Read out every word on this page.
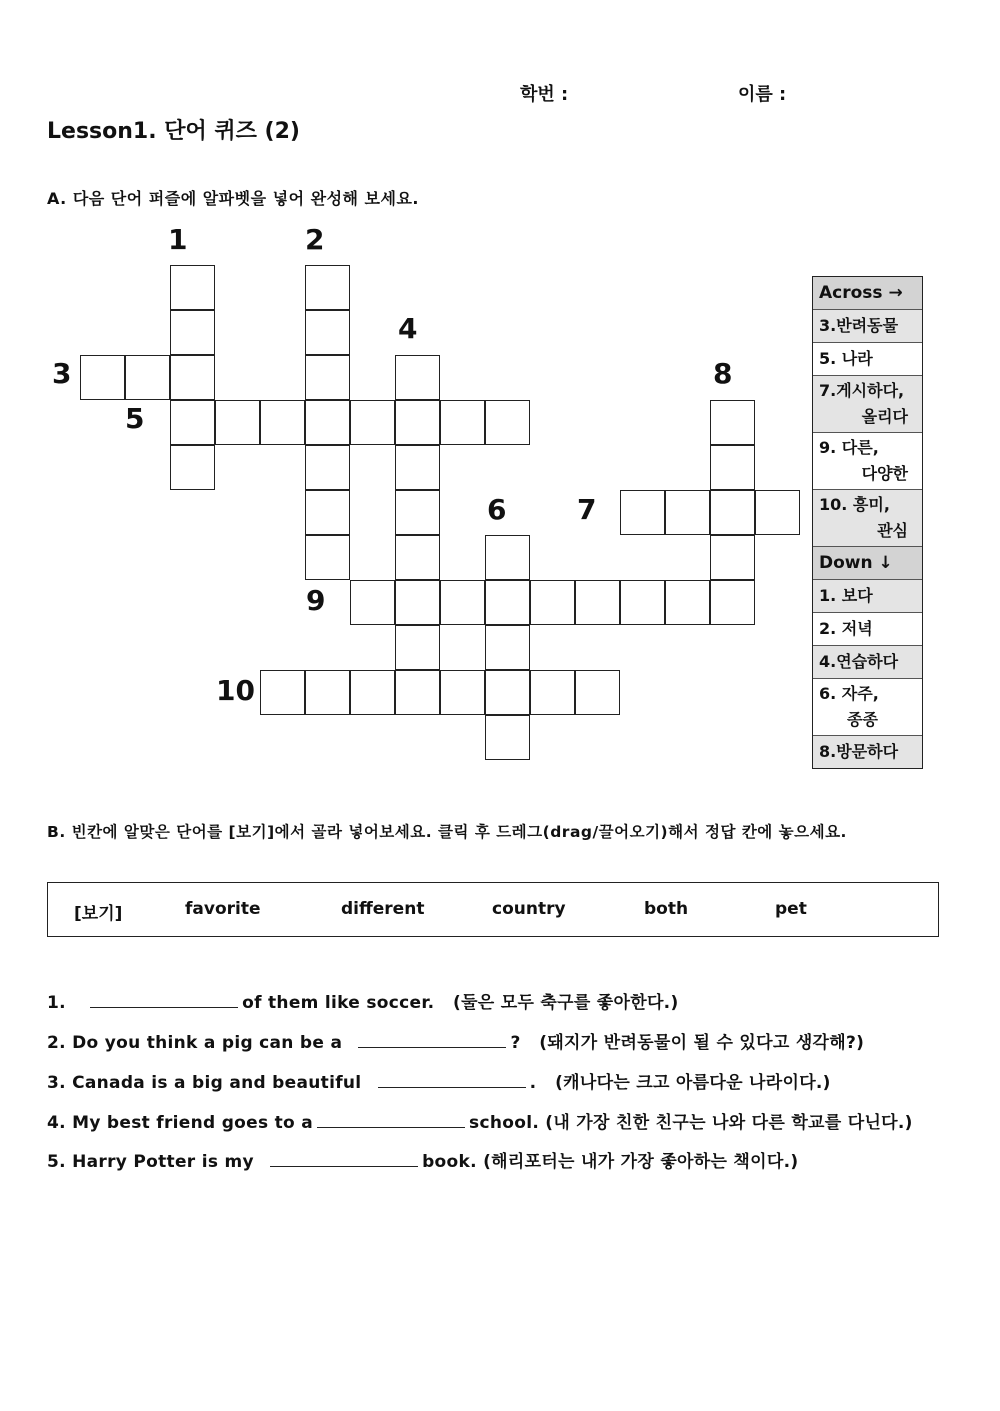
학번 :	이름 :
Lesson1. 단어 퀴즈 (2)
A. 다음 단어 퍼즐에 알파벳을 넣어 완성해 보세요.
1	2
3
4
5
6	7
8
9
10
Across →
3.반려동물
5. 나라
7.게시하다,
올리다
9. 다른,
다양한
10. 흥미,
관심
Down ↓
1. 보다
2. 저녁
4.연습하다
6. 자주,
종종
8.방문하다
B. 빈칸에 알맞은 단어를 [보기]에서 골라 넣어보세요. 클릭 후 드레그(drag/끌어오기)해서 정답 칸에 놓으세요.
[보기]	favorite	different	country	both	pet
1.	of them like soccer. (둘은 모두 축구를 좋아한다.)
2. Do you think a pig can be a	? (돼지가 반려동물이 될 수 있다고 생각해?)
3. Canada is a big and beautiful	. (캐나다는 크고 아름다운 나라이다.)
4. My best friend goes to a	school. (내 가장 친한 친구는 나와 다른 학교를 다닌다.)
5. Harry Potter is my	book. (해리포터는 내가 가장 좋아하는 책이다.)
